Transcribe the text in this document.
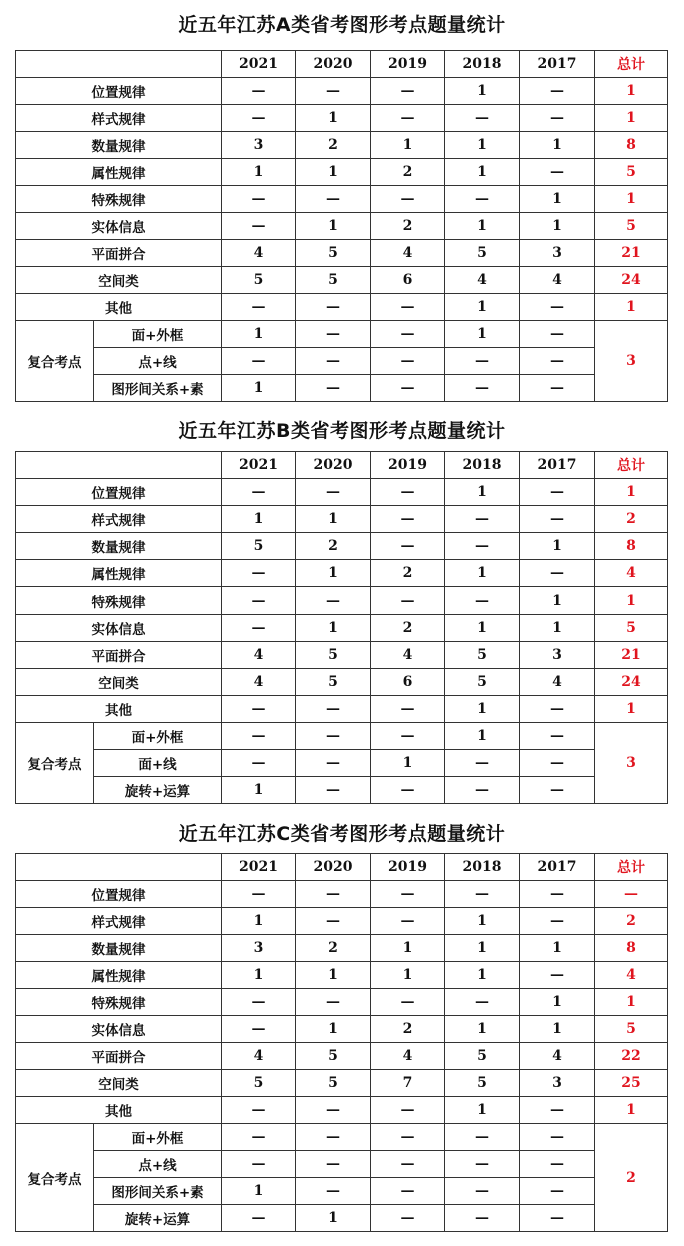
近五年江苏A类省考图形考点题量统计
		2021	2020	2019	2018	2017	总计
位置规律		—	—	—	1	—	1
样式规律		—	1	—	—	—	1
数量规律		3	2	1	1	1	8
属性规律		1	1	2	1	—	5
特殊规律		—	—	—	—	1	1
实体信息		—	1	2	1	1	5
平面拼合		4	5	4	5	3	21
空间类		5	5	6	4	4	24
其他		—	—	—	1	—	1
复合考点	面+外框	1	—	—	1	—	3
	点+线	—	—	—	—	—	
	图形间关系+素	1	—	—	—	—	
近五年江苏B类省考图形考点题量统计
		2021	2020	2019	2018	2017	总计
位置规律		—	—	—	1	—	1
样式规律		1	1	—	—	—	2
数量规律		5	2	—	—	1	8
属性规律		—	1	2	1	—	4
特殊规律		—	—	—	—	1	1
实体信息		—	1	2	1	1	5
平面拼合		4	5	4	5	3	21
空间类		4	5	6	5	4	24
其他		—	—	—	1	—	1
复合考点	面+外框	—	—	—	1	—	3
	面+线	—	—	1	—	—	
	旋转+运算	1	—	—	—	—	
近五年江苏C类省考图形考点题量统计
		2021	2020	2019	2018	2017	总计
位置规律		—	—	—	—	—	—
样式规律		1	—	—	1	—	2
数量规律		3	2	1	1	1	8
属性规律		1	1	1	1	—	4
特殊规律		—	—	—	—	1	1
实体信息		—	1	2	1	1	5
平面拼合		4	5	4	5	4	22
空间类		5	5	7	5	3	25
其他		—	—	—	1	—	1
复合考点	面+外框	—	—	—	—	—	2
	点+线	—	—	—	—	—	
	图形间关系+素	1	—	—	—	—	
	旋转+运算	—	1	—	—	—	
